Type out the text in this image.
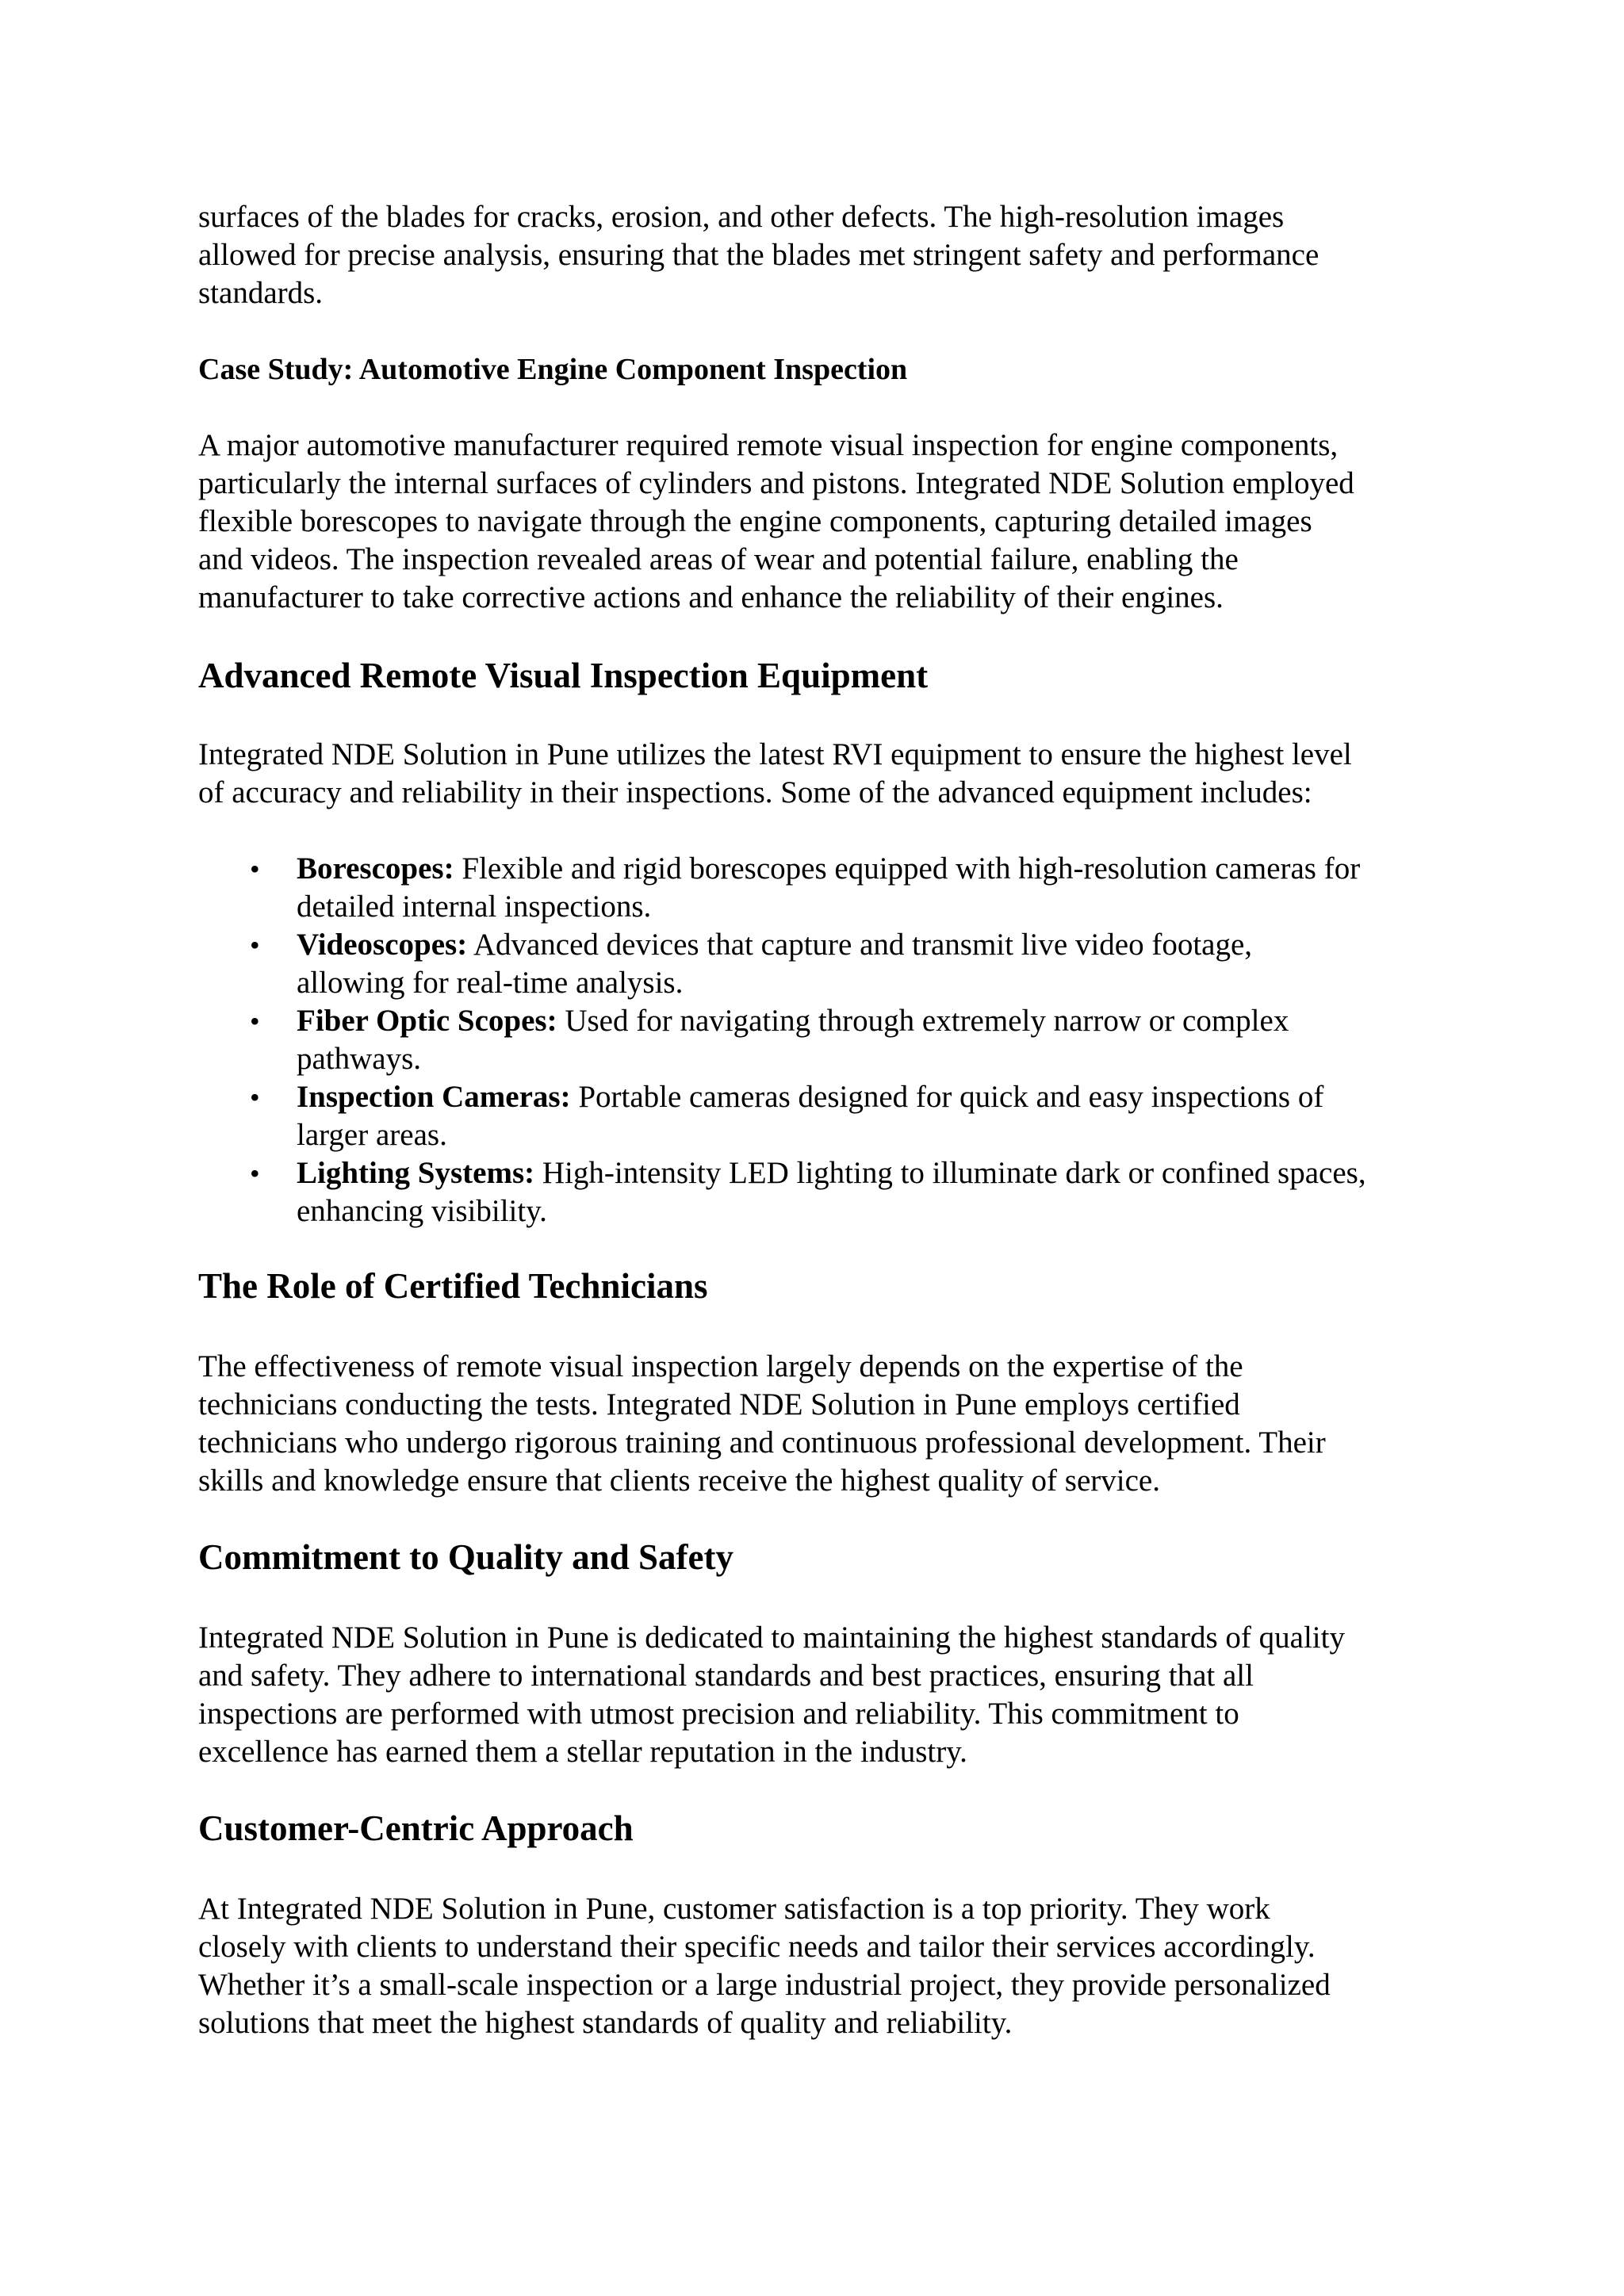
surfaces of the blades for cracks, erosion, and other defects. The high-resolution images
allowed for precise analysis, ensuring that the blades met stringent safety and performance
standards.
Case Study: Automotive Engine Component Inspection
A major automotive manufacturer required remote visual inspection for engine components,
particularly the internal surfaces of cylinders and pistons. Integrated NDE Solution employed
flexible borescopes to navigate through the engine components, capturing detailed images
and videos. The inspection revealed areas of wear and potential failure, enabling the
manufacturer to take corrective actions and enhance the reliability of their engines.
Advanced Remote Visual Inspection Equipment
Integrated NDE Solution in Pune utilizes the latest RVI equipment to ensure the highest level
of accuracy and reliability in their inspections. Some of the advanced equipment includes:
• Borescopes: Flexible and rigid borescopes equipped with high-resolution cameras for
detailed internal inspections.
• Videoscopes: Advanced devices that capture and transmit live video footage,
allowing for real-time analysis.
• Fiber Optic Scopes: Used for navigating through extremely narrow or complex
pathways.
• Inspection Cameras: Portable cameras designed for quick and easy inspections of
larger areas.
• Lighting Systems: High-intensity LED lighting to illuminate dark or confined spaces,
enhancing visibility.
The Role of Certified Technicians
The effectiveness of remote visual inspection largely depends on the expertise of the
technicians conducting the tests. Integrated NDE Solution in Pune employs certified
technicians who undergo rigorous training and continuous professional development. Their
skills and knowledge ensure that clients receive the highest quality of service.
Commitment to Quality and Safety
Integrated NDE Solution in Pune is dedicated to maintaining the highest standards of quality
and safety. They adhere to international standards and best practices, ensuring that all
inspections are performed with utmost precision and reliability. This commitment to
excellence has earned them a stellar reputation in the industry.
Customer-Centric Approach
At Integrated NDE Solution in Pune, customer satisfaction is a top priority. They work
closely with clients to understand their specific needs and tailor their services accordingly.
Whether it’s a small-scale inspection or a large industrial project, they provide personalized
solutions that meet the highest standards of quality and reliability.
